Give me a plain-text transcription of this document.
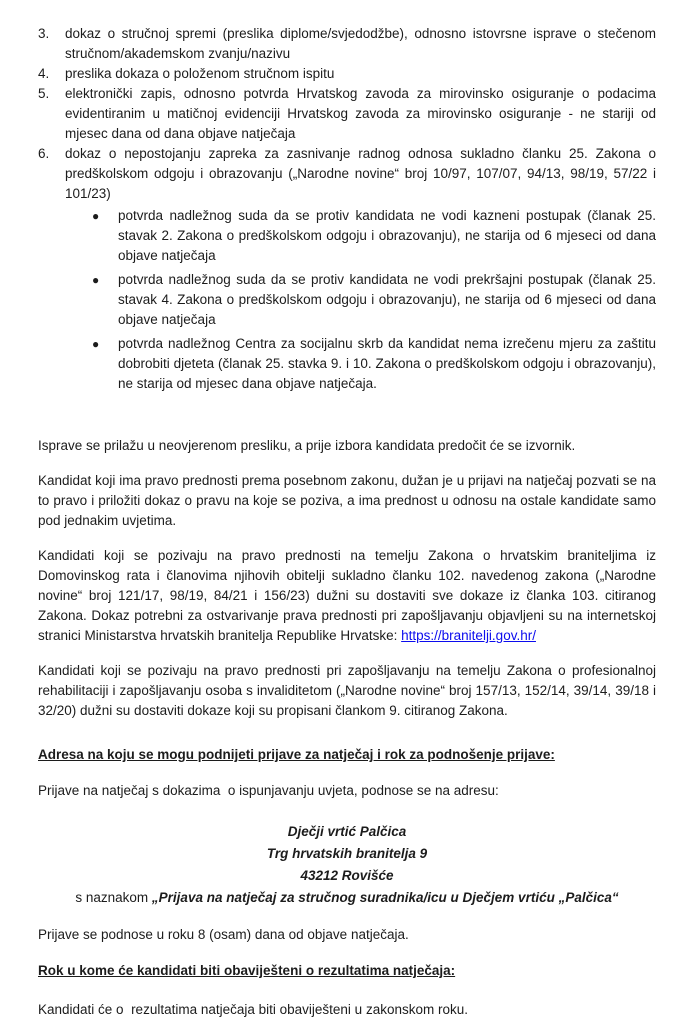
3.	dokaz o stručnoj spremi (preslika diplome/svjedodžbe), odnosno istovrsne isprave o stečenom stručnom/akademskom zvanju/nazivu
4.	preslika dokaza o položenom stručnom ispitu
5.	elektronički zapis, odnosno potvrda Hrvatskog zavoda za mirovinsko osiguranje o podacima evidentiranim u matičnoj evidenciji Hrvatskog zavoda za mirovinsko osiguranje - ne stariji od mjesec dana od dana objave natječaja
6.	dokaz o nepostojanju zapreka za zasnivanje radnog odnosa sukladno članku 25. Zakona o predškolskom odgoju i obrazovanju („Narodne novine“ broj 10/97, 107/07, 94/13, 98/19, 57/22 i 101/23)
●	potvrda nadležnog suda da se protiv kandidata ne vodi kazneni postupak (članak 25. stavak 2. Zakona o predškolskom odgoju i obrazovanju), ne starija od 6 mjeseci od dana objave natječaja
●	potvrda nadležnog suda da se protiv kandidata ne vodi prekršajni postupak (članak 25. stavak 4. Zakona o predškolskom odgoju i obrazovanju), ne starija od 6 mjeseci od dana objave natječaja
●	potvrda nadležnog Centra za socijalnu skrb da kandidat nema izrečenu mjeru za zaštitu dobrobiti djeteta (članak 25. stavka 9. i 10. Zakona o predškolskom odgoju i obrazovanju), ne starija od mjesec dana objave natječaja.
Isprave se prilažu u neovjerenom presliku, a prije izbora kandidata predočit će se izvornik.
Kandidat koji ima pravo prednosti prema posebnom zakonu, dužan je u prijavi na natječaj pozvati se na to pravo i priložiti dokaz o pravu na koje se poziva, a ima prednost u odnosu na ostale kandidate samo pod jednakim uvjetima.
Kandidati koji se pozivaju na pravo prednosti na temelju Zakona o hrvatskim braniteljima iz Domovinskog rata i članovima njihovih obitelji sukladno članku 102. navedenog zakona („Narodne novine“ broj 121/17, 98/19, 84/21 i 156/23) dužni su dostaviti sve dokaze iz članka 103. citiranog Zakona. Dokaz potrebni za ostvarivanje prava prednosti pri zapošljavanju objavljeni su na internetskoj stranici Ministarstva hrvatskih branitelja Republike Hrvatske: https://branitelji.gov.hr/
Kandidati koji se pozivaju na pravo prednosti pri zapošljavanju na temelju Zakona o profesionalnoj rehabilitaciji i zapošljavanju osoba s invaliditetom („Narodne novine“ broj 157/13, 152/14, 39/14, 39/18 i 32/20) dužni su dostaviti dokaze koji su propisani člankom 9. citiranog Zakona.
Adresa na koju se mogu podnijeti prijave za natječaj i rok za podnošenje prijave:
Prijave na natječaj s dokazima  o ispunjavanju uvjeta, podnose se na adresu:
Dječji vrtić Palčica
Trg hrvatskih branitelja 9
43212 Rovišće
s naznakom „Prijava na natječaj za stručnog suradnika/icu u Dječjem vrtiću „Palčica“
Prijave se podnose u roku 8 (osam) dana od objave natječaja.
Rok u kome će kandidati biti obaviješteni o rezultatima natječaja:
Kandidati će o  rezultatima natječaja biti obaviješteni u zakonskom roku.
